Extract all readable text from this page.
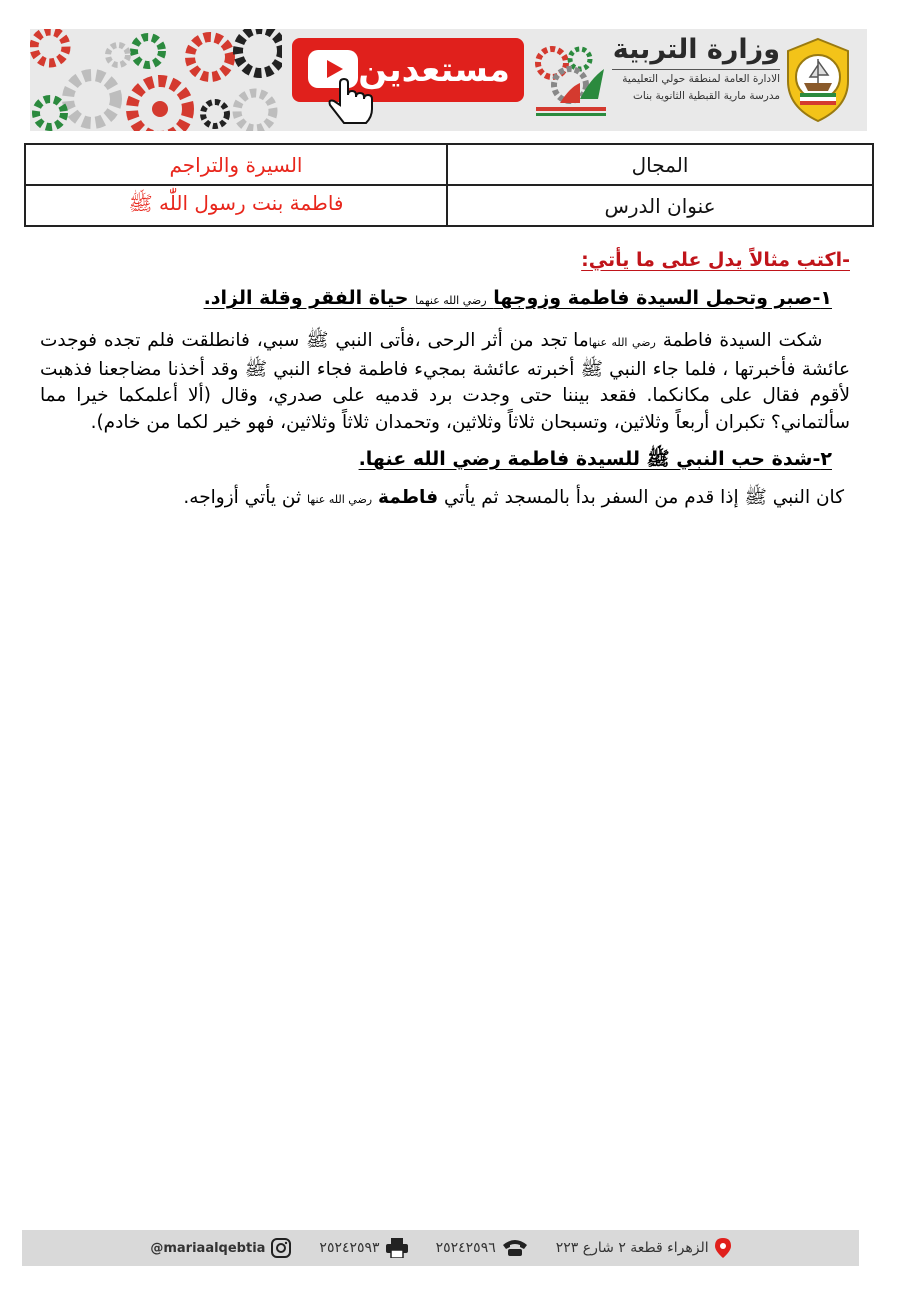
مستعدين
وزارة التربية
الادارة العامة لمنطقة حولي التعليمية
مدرسة مارية القبطية الثانوية بنات
المجال	السيرة والتراجم
عنوان الدرس	فاطمة بنت رسول اللّٰه ﷺ
-اكتب مثالاً يدل على ما يأتي:
١-صبر وتحمل السيدة فاطمة وزوجها رضي الله عنهما حياة الفقر وقلة الزاد.

شكت السيدة فاطمة رضي الله عنهاما تجد من أثر الرحى ،فأتى النبي ﷺ سبي، فانطلقت فلم تجده فوجدت عائشة فأخبرتها ، فلما جاء النبي ﷺ أخبرته عائشة بمجيء فاطمة فجاء النبي ﷺ وقد أخذنا مضاجعنا فذهبت لأقوم فقال على مكانكما. فقعد بيننا حتى وجدت برد قدميه على صدري، وقال (ألا أعلمكما خيرا مما سألتماني؟ تكبران أربعاً وثلاثين، وتسبحان ثلاثاً وثلاثين، وتحمدان ثلاثاً وثلاثين، فهو خير لكما من خادم).

٢-شدة حب النبي ﷺ للسيدة فاطمة رضي الله عنها.

كان النبي ﷺ إذا قدم من السفر بدأ بالمسجد ثم يأتي فاطمة رضي الله عنها ثن يأتي أزواجه.

الزهراء قطعة ٢ شارع ٢٢٣
٢٥٢٤٢٥٩٦
٢٥٢٤٢٥٩٣
@mariaalqebtia
